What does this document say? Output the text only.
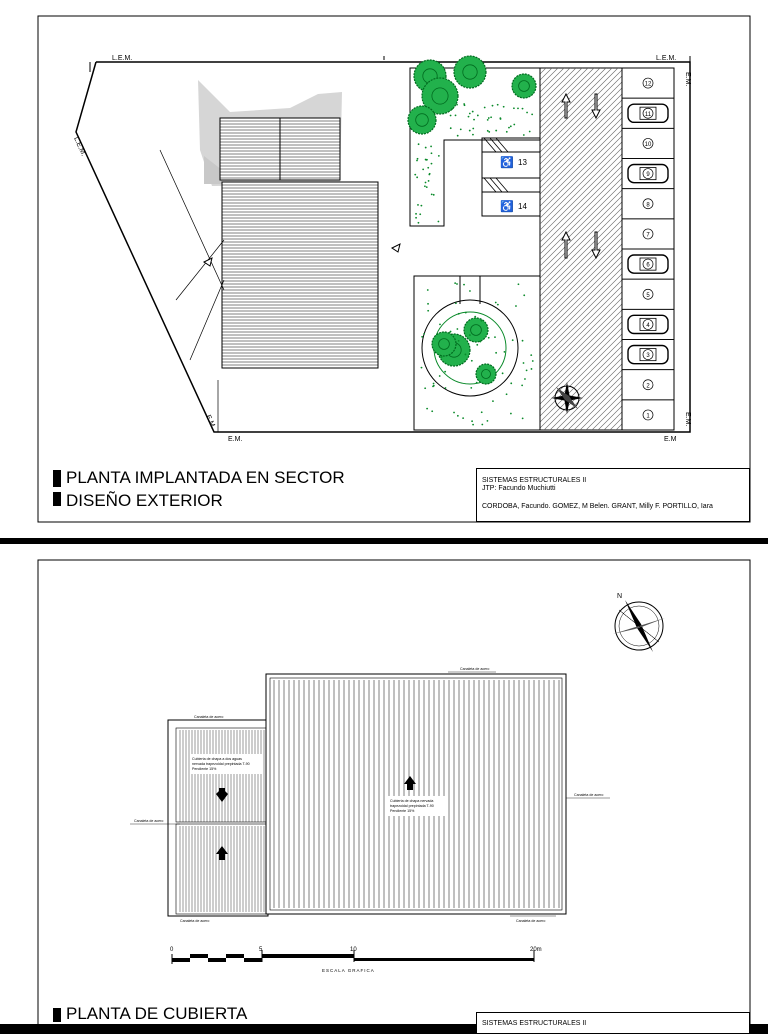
12
11
10
9
8
7
6
5
4
3
2
1
♿
♿
13
14
L.E.M.	L.E.M.
L.E.M.
E.M.	E.M
E.M.
E.M.
E.M.
PLANTA IMPLANTADA EN SECTOR
DISEÑO EXTERIOR
SISTEMAS ESTRUCTURALES II
JTP: Facundo Muchiutti
CORDOBA, Facundo. GOMEZ, M Belen. GRANT, Milly F. PORTILLO, Iara
N
Cubierta de chapa a dos aguas
nervada trapezoidal prepintada T-90
Pendiente 15%
Cubierta de chapa nervada
trapezoidal prepintada T-90
Pendiente 15%
Canaleta de acero
Canaleta de acero
Canaleta de acero
Canaleta de acero
Canaleta de acero	Canaleta de acero
0	5	10	20m
ESCALA GRAFICA
PLANTA DE CUBIERTA
SISTEMAS ESTRUCTURALES II
